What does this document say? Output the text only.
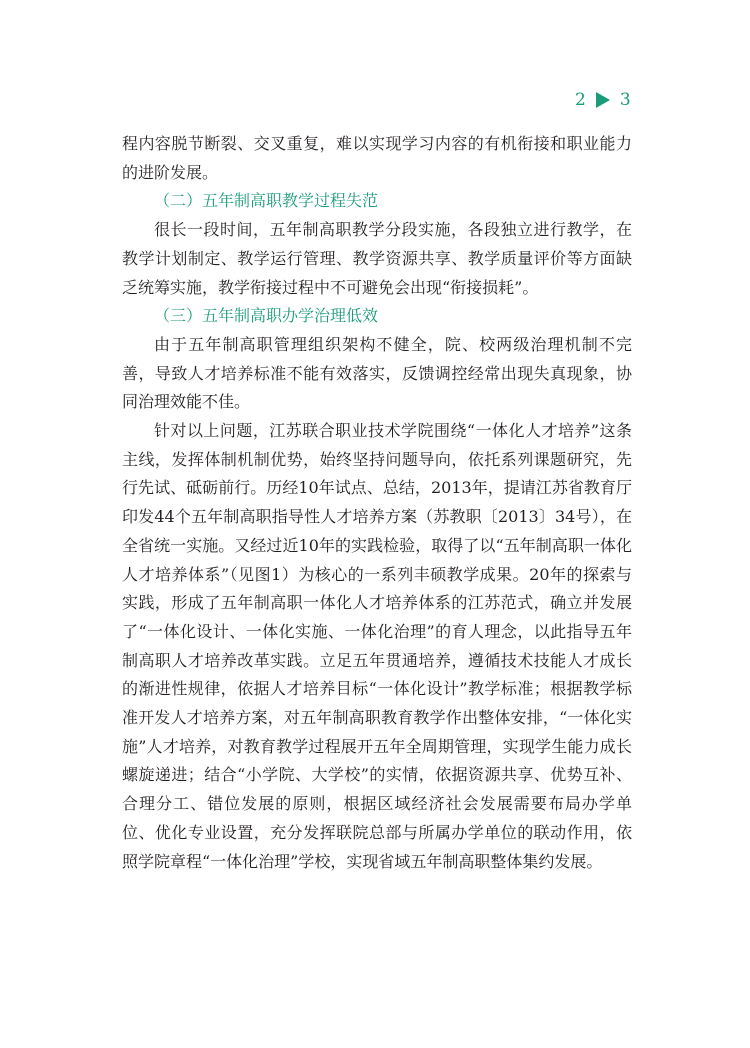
2 3

程内容脱节断裂、交叉重复，难以实现学习内容的有机衔接和职业能力的进阶发展。

（二）五年制高职教学过程失范

很长一段时间，五年制高职教学分段实施，各段独立进行教学，在教学计划制定、教学运行管理、教学资源共享、教学质量评价等方面缺乏统筹实施，教学衔接过程中不可避免会出现“衔接损耗”。

（三）五年制高职办学治理低效

由于五年制高职管理组织架构不健全，院、校两级治理机制不完善，导致人才培养标准不能有效落实，反馈调控经常出现失真现象，协同治理效能不佳。

针对以上问题，江苏联合职业技术学院围绕“一体化人才培养”这条主线，发挥体制机制优势，始终坚持问题导向，依托系列课题研究，先行先试、砥砺前行。历经10年试点、总结，2013年，提请江苏省教育厅印发44个五年制高职指导性人才培养方案（苏教职〔2013〕34号），在全省统一实施。又经过近10年的实践检验，取得了以“五年制高职一体化人才培养体系”（见图1）为核心的一系列丰硕教学成果。20年的探索与实践，形成了五年制高职一体化人才培养体系的江苏范式，确立并发展了“一体化设计、一体化实施、一体化治理”的育人理念，以此指导五年制高职人才培养改革实践。立足五年贯通培养，遵循技术技能人才成长的渐进性规律，依据人才培养目标“一体化设计”教学标准；根据教学标准开发人才培养方案，对五年制高职教育教学作出整体安排，“一体化实施”人才培养，对教育教学过程展开五年全周期管理，实现学生能力成长螺旋递进；结合“小学院、大学校”的实情，依据资源共享、优势互补、合理分工、错位发展的原则，根据区域经济社会发展需要布局办学单位、优化专业设置，充分发挥联院总部与所属办学单位的联动作用，依照学院章程“一体化治理”学校，实现省域五年制高职整体集约发展。
